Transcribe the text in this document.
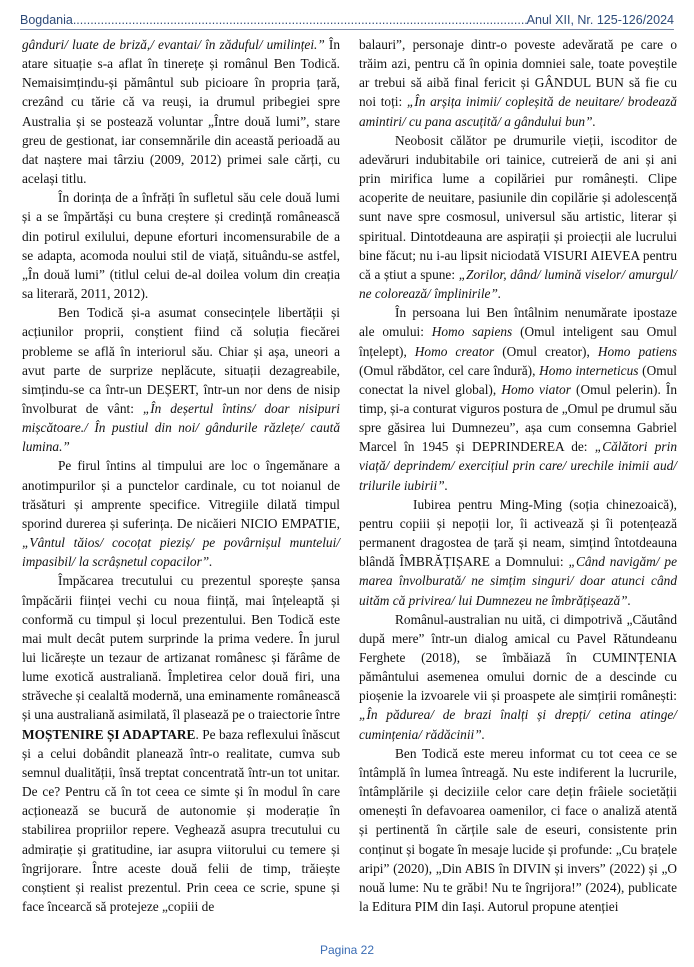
Bogdania .....	Anul XII, Nr. 125-126/2024

gânduri/ luate de briză,/ evantai/ în zăduful/ umilinței.” În atare situație s-a aflat în tinerețe și românul Ben Todică. Nemaisimțindu-și pământul sub picioare în propria țară, crezând cu tărie că va reuși, ia drumul pribegiei spre Australia și se postează voluntar „Între două lumi”, stare greu de gestionat, iar consemnările din această perioadă au dat naștere mai târziu (2009, 2012) primei sale cărți, cu același titlu.

În dorința de a înfrăți în sufletul său cele două lumi și a se împărtăși cu buna creștere și credință românească din potirul exilului, depune eforturi incomensurabile de a se adapta, acomoda noului stil de viață, situându-se astfel, „În două lumi” (titlul celui de-al doilea volum din creația sa literară, 2011, 2012).

Ben Todică și-a asumat consecințele libertății și acțiunilor proprii, conștient fiind că soluția fiecărei probleme se află în interiorul său. Chiar și așa, uneori a avut parte de surprize neplăcute, situații dezagreabile, simțindu-se ca într-un DEȘERT, într-un nor dens de nisip învolburat de vânt: „În deșertul întins/ doar nisipuri mișcătoare./ În pustiul din noi/ gândurile răzlețe/ caută lumina.”

Pe firul întins al timpului are loc o îngemănare a anotimpurilor și a punctelor cardinale, cu tot noianul de trăsături și amprente specifice. Vitregiile dilată timpul sporind durerea și suferința. De nicăieri NICIO EMPATIE, „Vântul tăios/ cocoțat pieziș/ pe povârnișul muntelui/ impasibil/ la scrâșnetul copacilor”.

Împăcarea trecutului cu prezentul sporește șansa împăcării ființei vechi cu noua ființă, mai înțeleaptă și conformă cu timpul și locul prezentului. Ben Todică este mai mult decât putem surprinde la prima vedere. În jurul lui licărește un tezaur de artizanat românesc și fărâme de lume exotică australiană. Împletirea celor două firi, una străveche și cealaltă modernă, una eminamente românească și una australiană asimilată, îl plasează pe o traiectorie între MOȘTENIRE ȘI ADAPTARE. Pe baza reflexului înăscut și a celui dobândit planează într-o realitate, cumva sub semnul dualității, însă treptat concentrată într-un tot unitar. De ce? Pentru că în tot ceea ce simte și în modul în care acționează se bucură de autonomie și moderație în stabilirea propriilor repere. Veghează asupra trecutului cu admirație și gratitudine, iar asupra viitorului cu temere și îngrijorare. Între aceste două felii de timp, trăiește conștient și realist prezentul. Prin ceea ce scrie, spune și face încearcă să protejeze „copiii de

balauri”, personaje dintr-o poveste adevărată pe care o trăim azi, pentru că în opinia domniei sale, toate poveștile ar trebui să aibă final fericit și GÂNDUL BUN să fie cu noi toți: „În arșița inimii/ copleșită de neuitare/ brodează amintiri/ cu pana ascuțită/ a gândului bun”.

Neobosit călător pe drumurile vieții, iscoditor de adevăruri indubitabile ori tainice, cutreieră de ani și ani prin mirifica lume a copilăriei pur românești. Clipe acoperite de neuitare, pasiunile din copilărie și adolescență sunt nave spre cosmosul, universul său artistic, literar și spiritual. Dintotdeauna are aspirații și proiecții ale lucrului bine făcut; nu i-au lipsit niciodată VISURI AIEVEA pentru că a știut a spune: „Zorilor, dând/ lumină viselor/ amurgul/ ne colorează/ împlinirile”.

În persoana lui Ben întâlnim nenumărate ipostaze ale omului: Homo sapiens (Omul inteligent sau Omul înțelept), Homo creator (Omul creator), Homo patiens (Omul răbdător, cel care îndură), Homo interneticus (Omul conectat la nivel global), Homo viator (Omul pelerin). În timp, și-a conturat viguros postura de „Omul pe drumul său spre găsirea lui Dumnezeu”, așa cum consemna Gabriel Marcel în 1945 și DEPRINDEREA de: „Călători prin viață/ deprindem/ exercițiul prin care/ urechile inimii aud/ trilurile iubirii”.

Iubirea pentru Ming-Ming (soția chinezoaică), pentru copiii și nepoții lor, îi activează și îi potențează permanent dragostea de țară și neam, simțind întotdeauna blândă ÎMBRĂȚIȘARE a Domnului: „Când navigăm/ pe marea învolburată/ ne simțim singuri/ doar atunci când uităm că privirea/ lui Dumnezeu ne îmbrățișează”.

Românul-australian nu uită, ci dimpotrivă „Căutând după mere” într-un dialog amical cu Pavel Rătundeanu Ferghete (2018), se îmbăiază în CUMINȚENIA pământului asemenea omului dornic de a descinde cu pioșenie la izvoarele vii și proaspete ale simțirii românești: „În pădurea/ de brazi înalți și drepți/ cetina atinge/ cumințenia/ rădăcinii”.

Ben Todică este mereu informat cu tot ceea ce se întâmplă în lumea întreagă. Nu este indiferent la lucrurile, întâmplările și deciziile celor care dețin frâiele societății omenești în defavoarea oamenilor, ci face o analiză atentă și pertinentă în cărțile sale de eseuri, consistente prin conținut și bogate în mesaje lucide și profunde: „Cu brațele aripi” (2020), „Din ABIS în DIVIN și invers” (2022) și „O nouă lume: Nu te grăbi! Nu te îngrijora!” (2024), publicate la Editura PIM din Iași. Autorul propune atenției

Pagina 22
